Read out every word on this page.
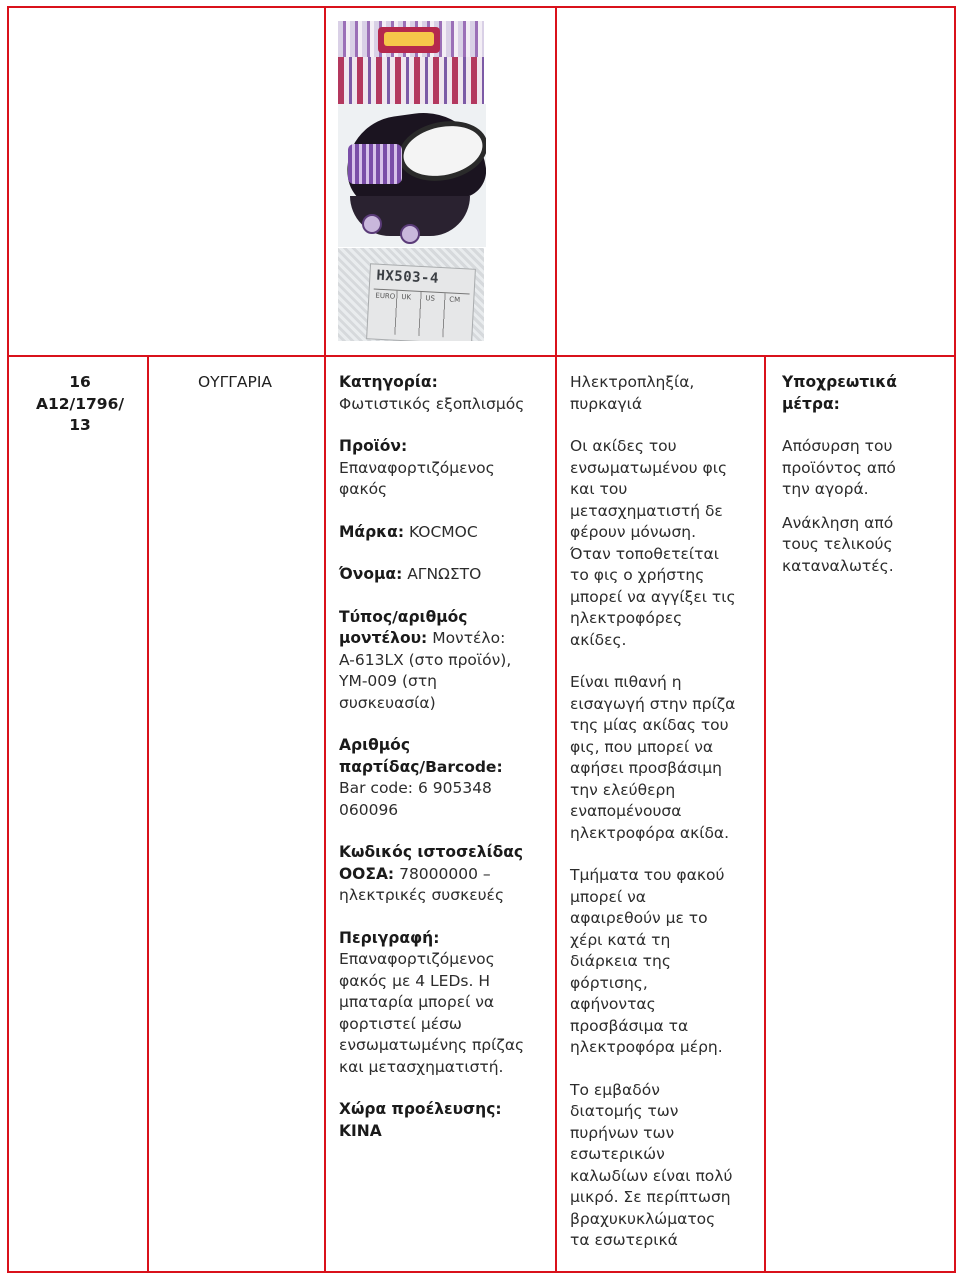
HX503-4
EURO UK US CM
16
A12/1796/
13
ΟΥΓΓΑΡΙΑ	Κατηγορία:
Φωτιστικός εξοπλισμός

Προϊόν:
Επαναφορτιζόμενος
φακός

Μάρκα: KOCMOC

Όνομα: ΑΓΝΩΣΤΟ

Τύπος/αριθμός
μοντέλου: Μοντέλο:
A-613LX (στο προϊόν),
YM-009 (στη
συσκευασία)

Αριθμός
παρτίδας/Barcode:
Bar code: 6 905348
060096

Κωδικός ιστοσελίδας
ΟΟΣΑ: 78000000 –
ηλεκτρικές συσκευές

Περιγραφή:
Επαναφορτιζόμενος
φακός με 4 LEDs. Η
μπαταρία μπορεί να
φορτιστεί μέσω
ενσωματωμένης πρίζας
και μετασχηματιστή.

Χώρα προέλευσης:
ΚΙΝΑ

Ηλεκτροπληξία,
πυρκαγιά

Οι ακίδες του
ενσωματωμένου φις
και του
μετασχηματιστή δε
φέρουν μόνωση.
Όταν τοποθετείται
το φις ο χρήστης
μπορεί να αγγίξει τις
ηλεκτροφόρες
ακίδες.

Είναι πιθανή η
εισαγωγή στην πρίζα
της μίας ακίδας του
φις, που μπορεί να
αφήσει προσβάσιμη
την ελεύθερη
εναπομένουσα
ηλεκτροφόρα ακίδα.

Τμήματα του φακού
μπορεί να
αφαιρεθούν με το
χέρι κατά τη
διάρκεια της
φόρτισης,
αφήνοντας
προσβάσιμα τα
ηλεκτροφόρα μέρη.

Το εμβαδόν
διατομής των
πυρήνων των
εσωτερικών
καλωδίων είναι πολύ
μικρό. Σε περίπτωση
βραχυκυκλώματος
τα εσωτερικά

Υποχρεωτικά
μέτρα:

Απόσυρση του
προϊόντος από
την αγορά.

Ανάκληση από
τους τελικούς
καταναλωτές.
